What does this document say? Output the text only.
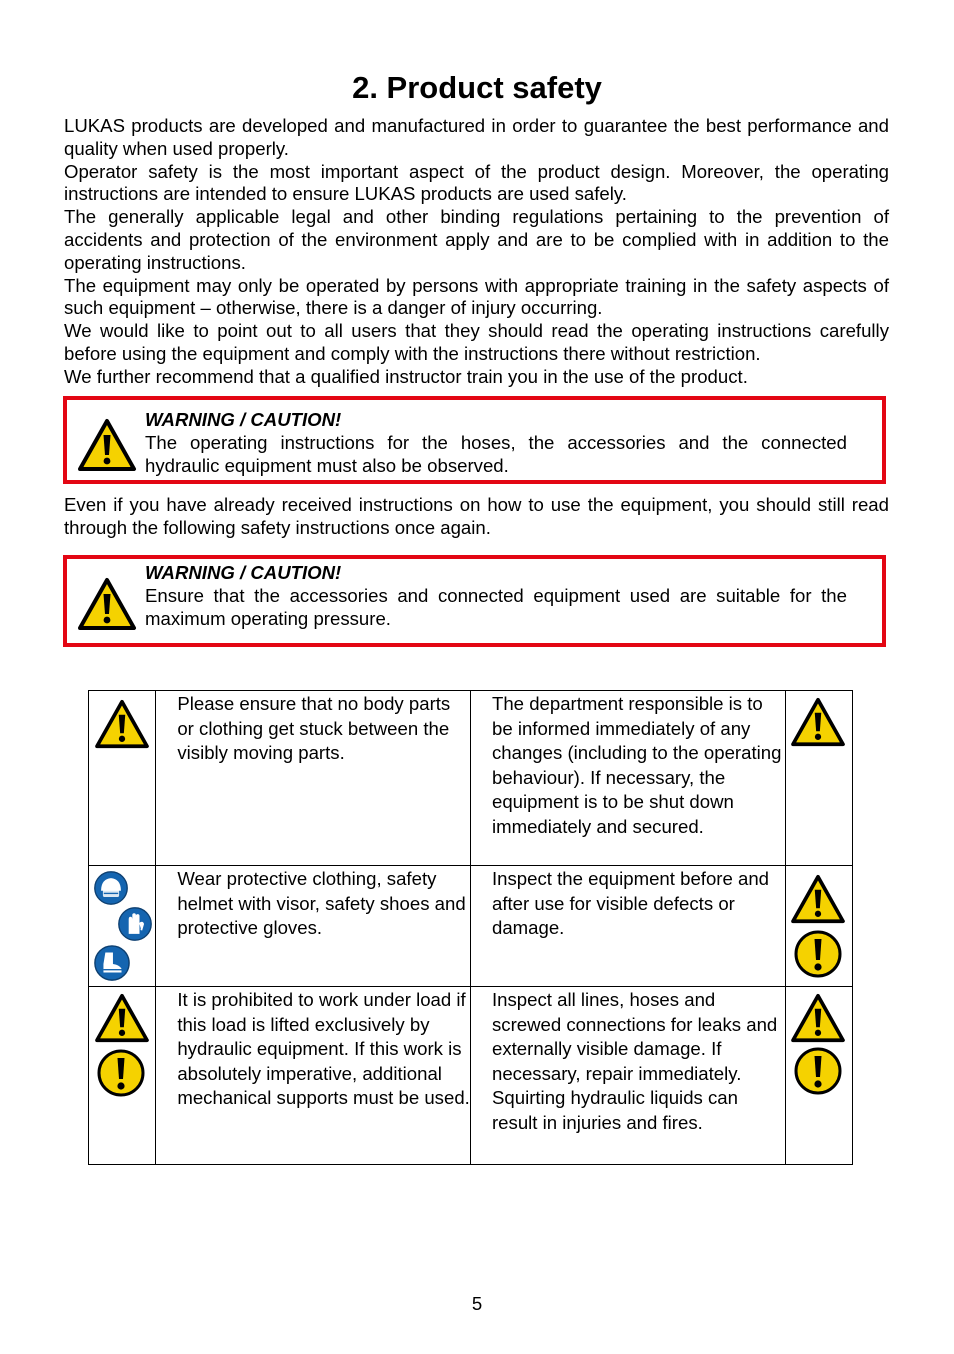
2. Product safety

LUKAS products are developed and manufactured in order to guarantee the best performance and quality when used properly.

Operator safety is the most important aspect of the product design. Moreover, the operating instructions are intended to ensure LUKAS products are used safely.

The generally applicable legal and other binding regulations pertaining to the prevention of accidents and protection of the environment apply and are to be complied with in addition to the operating instructions.

The equipment may only be operated by persons with appropriate training in the safety aspects of such equipment – otherwise, there is a danger of injury occurring.

We would like to point out to all users that they should read the operating instructions carefully before using the equipment and comply with the instructions there without restriction.

We further recommend that a qualified instructor train you in the use of the product.

WARNING / CAUTION!
The operating instructions for the hoses, the accessories and the connected hydraulic equipment must also be observed.

Even if you have already received instructions on how to use the equipment, you should still read through the following safety instructions once again.

WARNING / CAUTION!
Ensure that the accessories and connected equipment used are suitable for the maximum operating pressure.

Please ensure that no body parts or clothing get stuck between the visibly moving parts.	The department responsible is to be informed immediately of any changes (including to the operating behaviour). If necessary, the equipment is to be shut down immediately and secured.

Wear protective clothing, safety helmet with visor, safety shoes and protective gloves.	Inspect the equipment before and after use for visible defects or damage.

It is prohibited to work under load if this load is lifted exclusively by hydraulic equipment. If this work is absolutely imperative, additional mechanical supports must be used.	Inspect all lines, hoses and screwed connections for leaks and externally visible damage. If necessary, repair immediately. Squirting hydraulic liquids can result in injuries and fires.

5
